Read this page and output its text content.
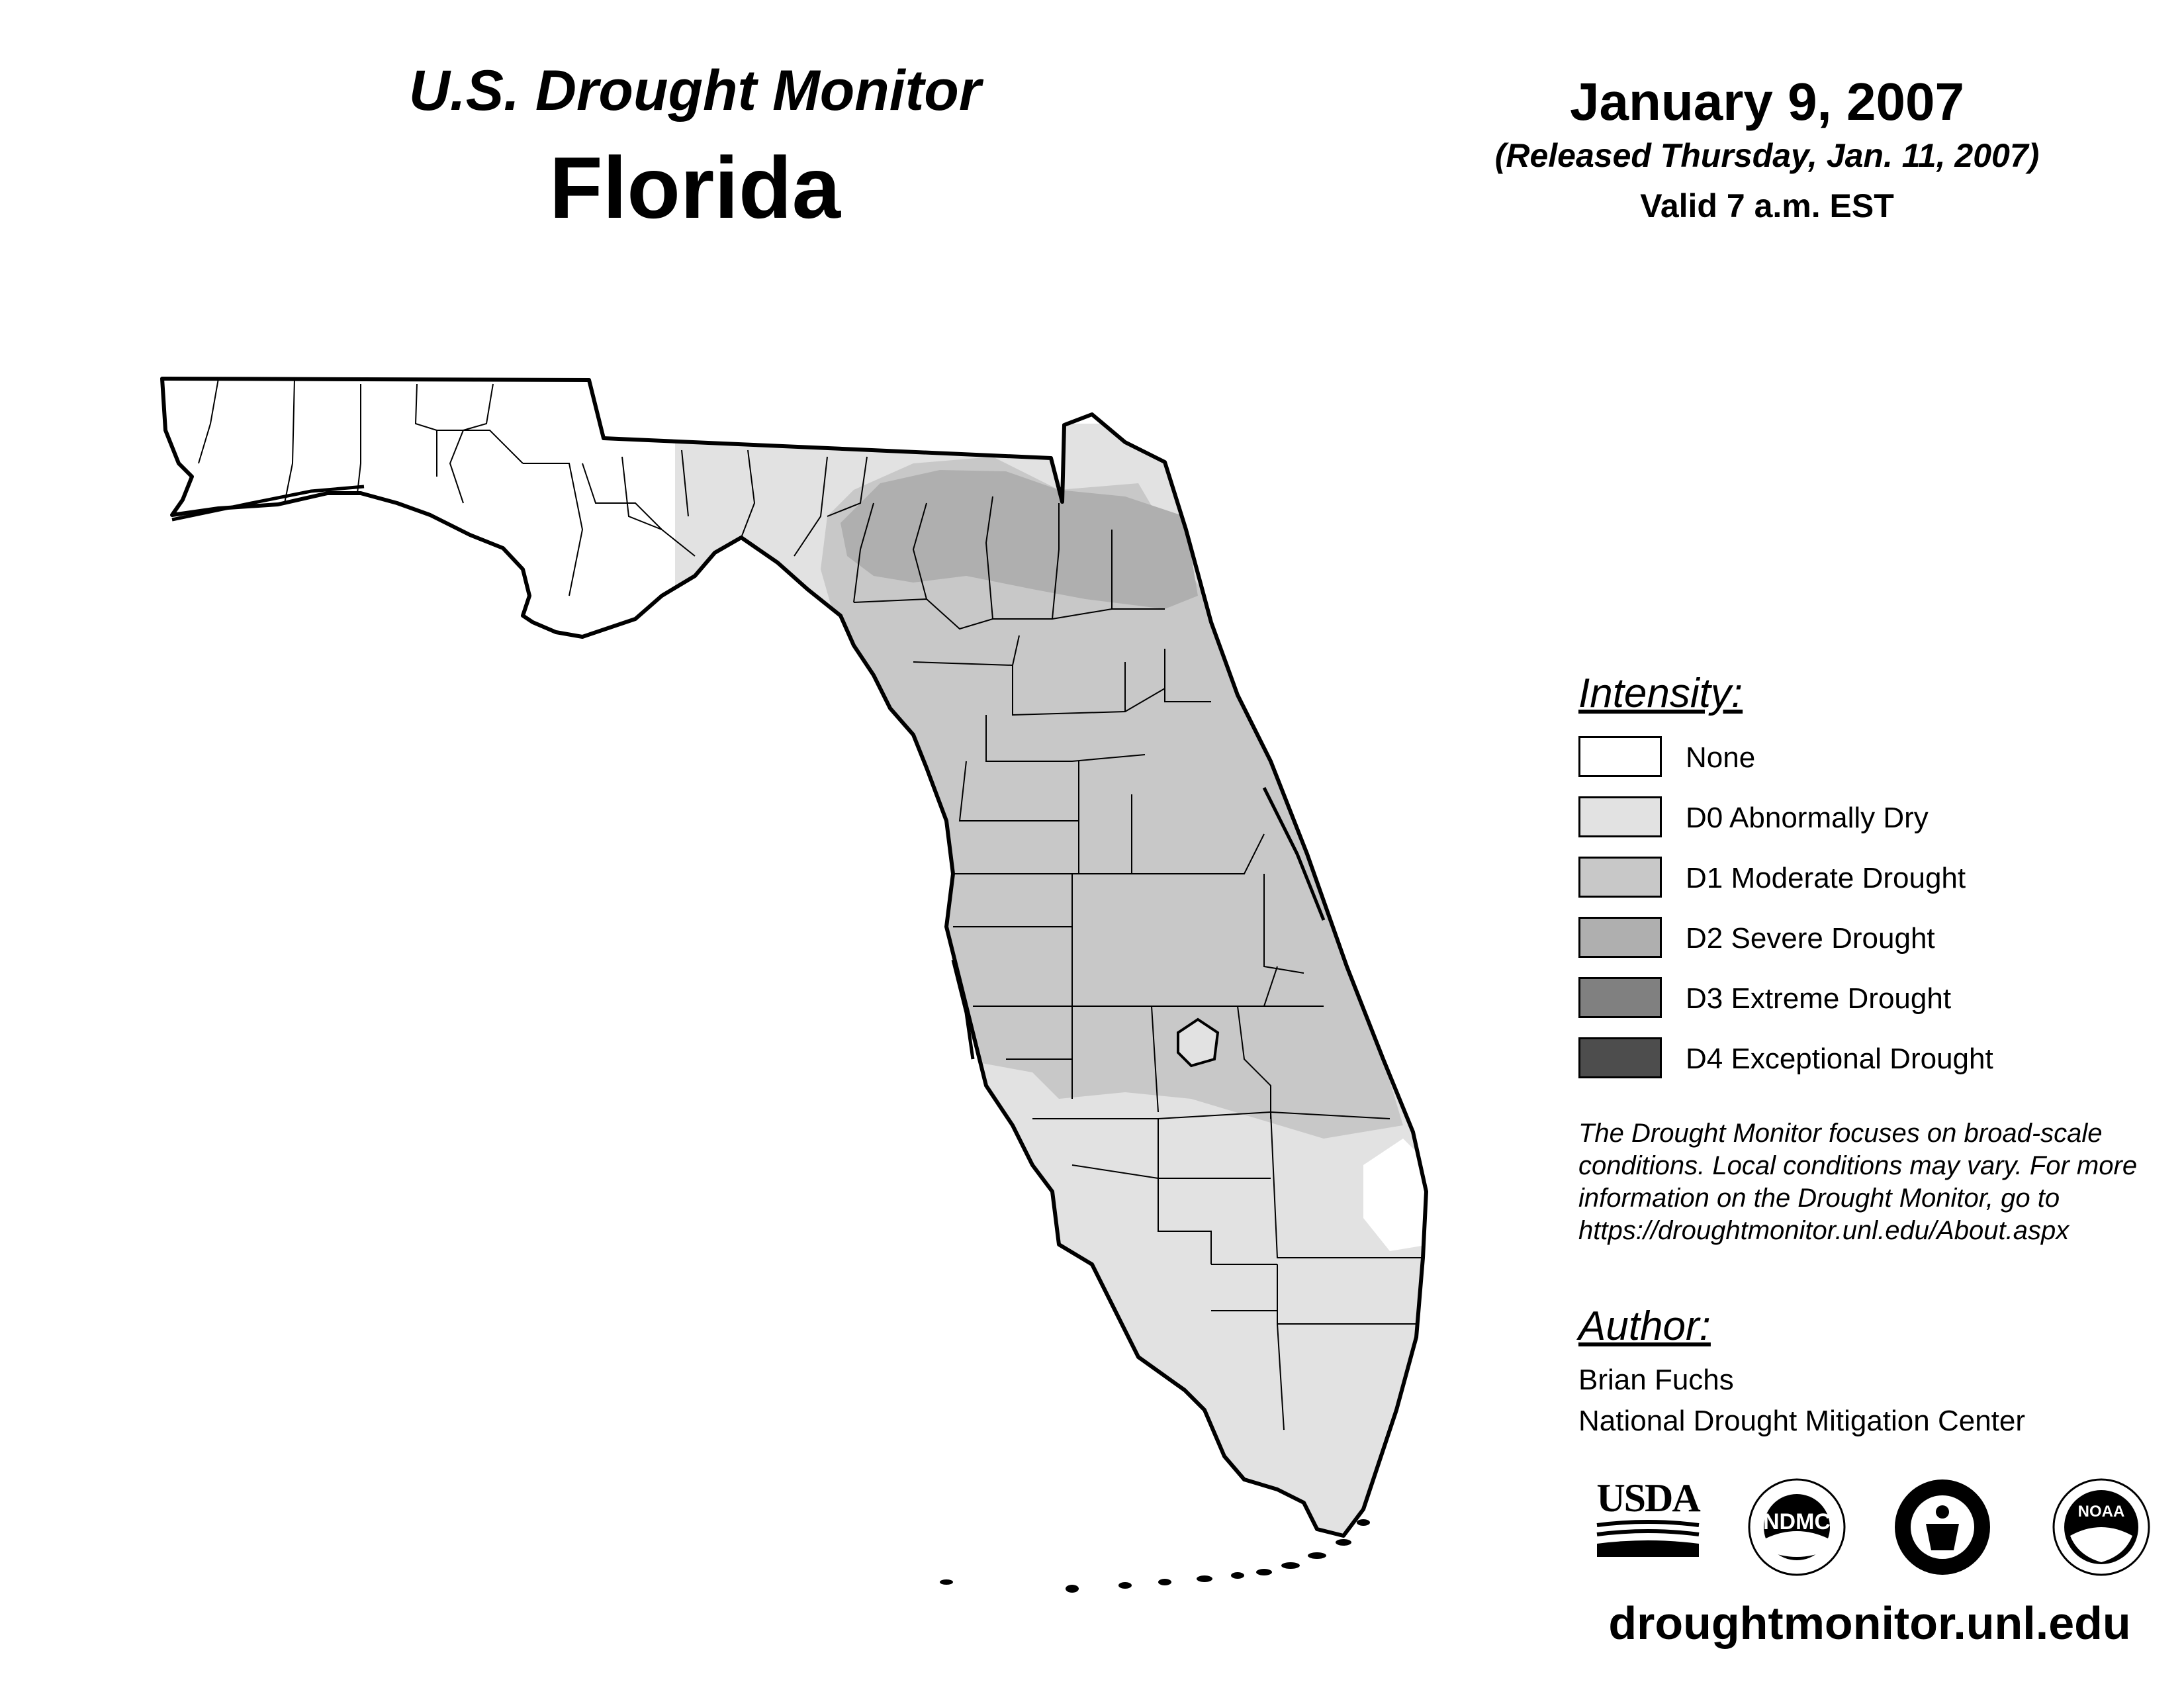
U.S. Drought Monitor
Florida
January 9, 2007
(Released Thursday, Jan. 11, 2007)
Valid 7 a.m. EST
Intensity:
None
D0 Abnormally Dry
D1 Moderate Drought
D2 Severe Drought
D3 Extreme Drought
D4 Exceptional Drought
The Drought Monitor focuses on broad-scale
conditions. Local conditions may vary. For more
information on the Drought Monitor, go to
https://droughtmonitor.unl.edu/About.aspx
Author:
Brian Fuchs
National Drought Mitigation Center
USDA
NDMC	NOAA
droughtmonitor.unl.edu
